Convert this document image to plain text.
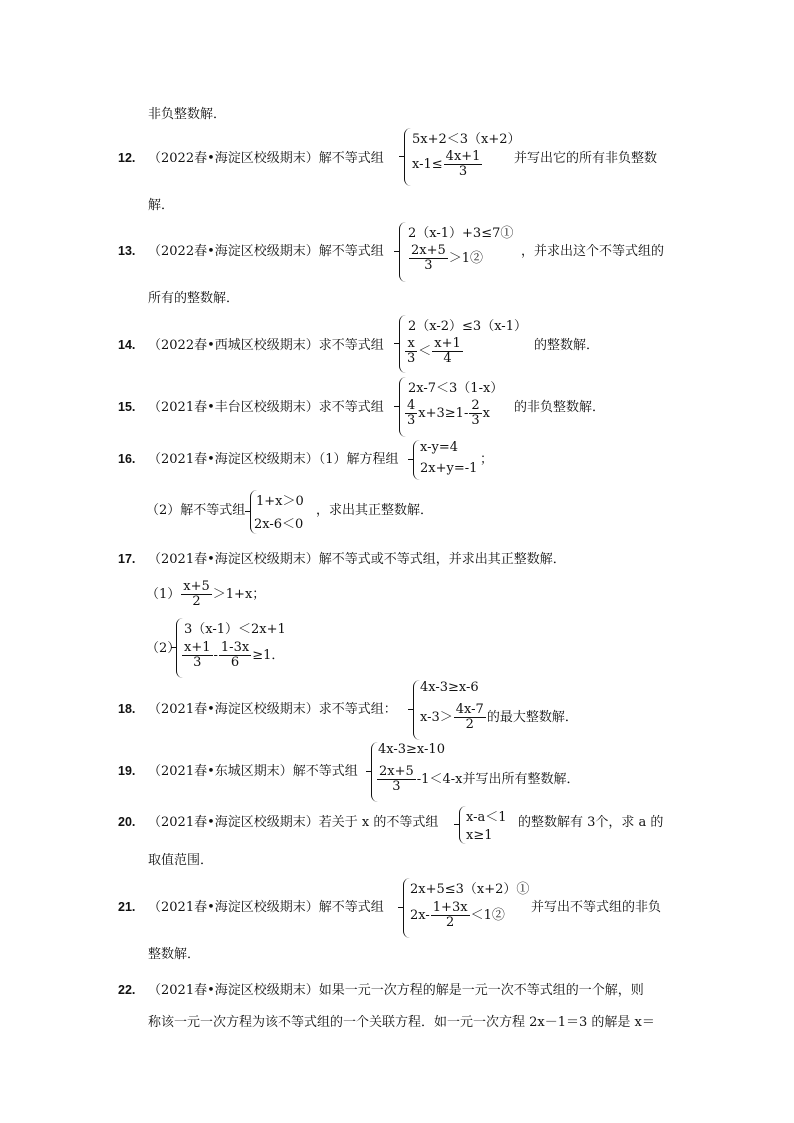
非负整数解．
12. （2022春•海淀区校级期末）解不等式组
5x+2＜3（x+2）
$x-1\le \frac{4x+1}{3}$ 并写出它的所有非负整数
解．
13. （2022春•海淀区校级期末）解不等式组
2（x-1）+3≤7①
$\frac{2x+5}{3}$ ＞1②	，并求出这个不等式组的
所有的整数解．
14. （2022春•西城区校级期末）求不等式组
2（x-2）≤3（x-1）
$\frac{x}{3} < \frac{x+1}{4}$	的整数解．
15. （2021春•丰台区校级期末）求不等式组
2x-7＜3（1-x）
$\frac{4}{3} x+3\ge 1- \frac{2}{3}$ x 的非负整数解．
16. （2021春•海淀区校级期末）（1）解方程组
x-y=4
2x+y=-1
；
（2）解不等式组
1+x＞0
2x-6＜0
，求出其正整数解．
17. （2021春•海淀区校级期末）解不等式或不等式组，并求出其正整数解．
$(1) \frac{x+5}{2} >1+x$；
（2）
3（x-1）＜2x+1
$\frac{x+1}{3} - \frac{1-3x}{6} \ge 1$．
18. （2021春•海淀区校级期末）求不等式组：
4x-3≥x-6
$x-3> \frac{4x-7}{2}$ 的最大整数解．
19. （2021春•东城区期末）解不等式组
4x-3≥x-10
$\frac{2x+5}{3} -1<4-x$并写出所有整数解．
20. （2021春•海淀区校级期末）若关于 x 的不等式组 x-a＜1
x≥1
的整数解有 3个，求 a 的
取值范围．
21. （2021春•海淀区校级期末）解不等式组
2x+5≤3（x+2）①
$2x- \frac{1+3x}{2}$ ＜1②
并写出不等式组的非负
整数解．
22. （2021春•海淀区校级期末）如果一元一次方程的解是一元一次不等式组的一个解，则
称该一元一次方程为该不等式组的一个关联方程．如一元一次方程 2x－1＝3 的解是 x＝
